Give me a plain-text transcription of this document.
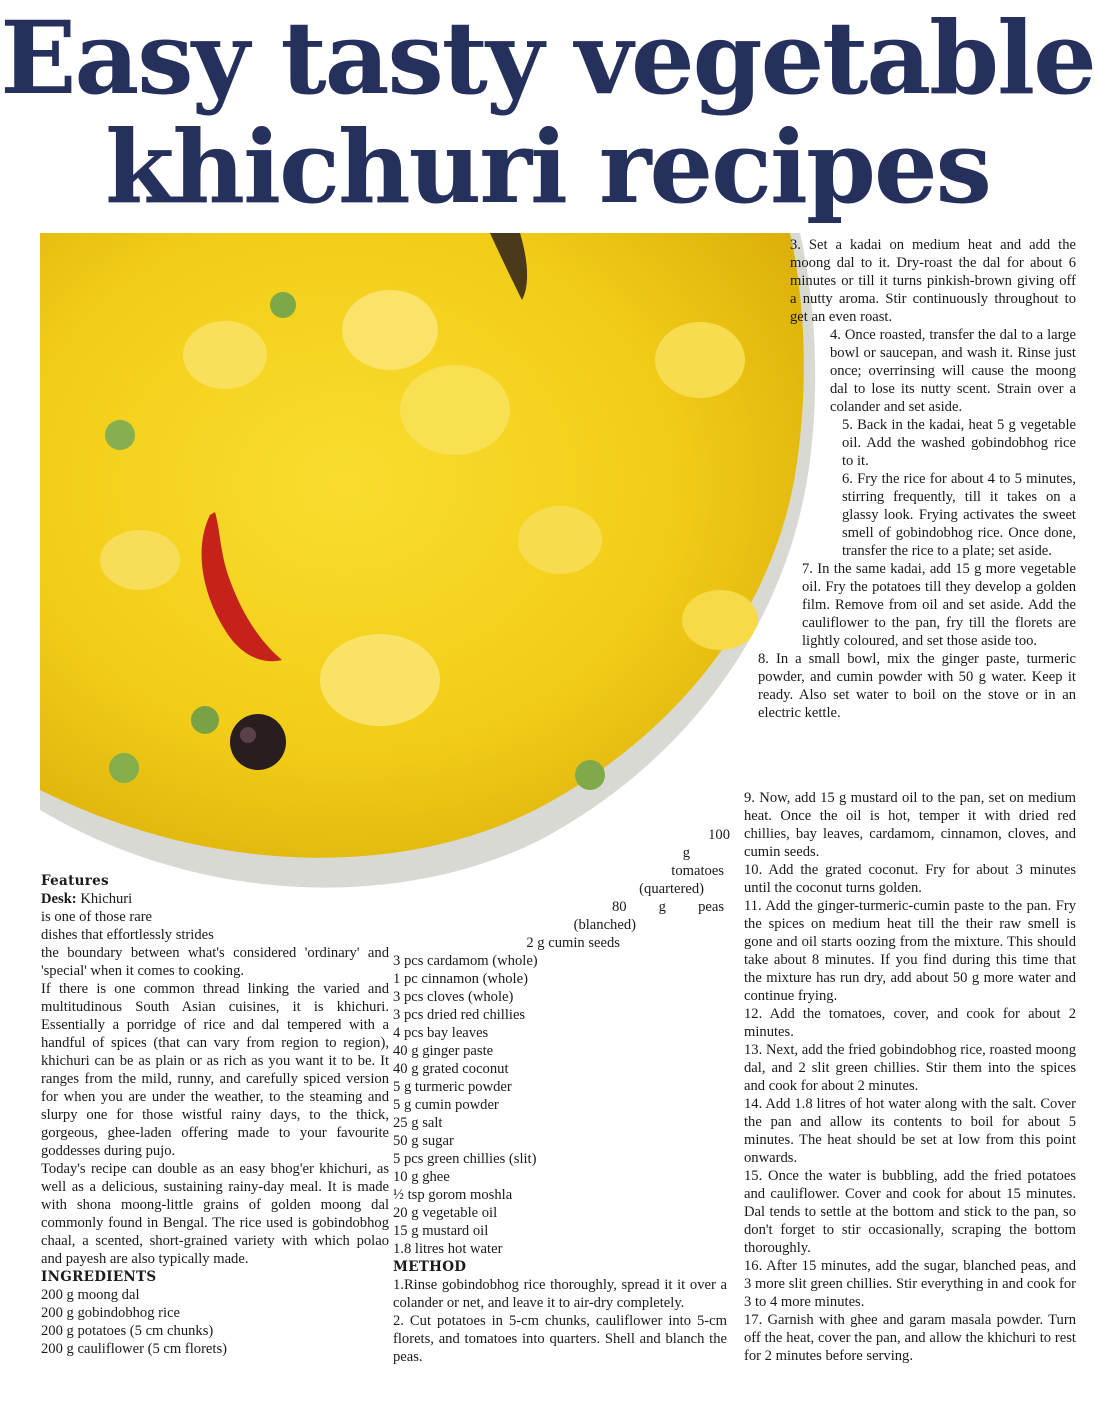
Easy tasty vegetable
khichuri recipes

3. Set a kadai on medium heat and add the moong dal to it. Dry-roast the dal for about 6 minutes or till it turns pinkish-brown giving off a nutty aroma. Stir continuously throughout to get an even roast.

4. Once roasted, transfer the dal to a large bowl or saucepan, and wash it. Rinse just once; overrinsing will cause the moong dal to lose its nutty scent. Strain over a colander and set aside.

5. Back in the kadai, heat 5 g vegetable oil. Add the washed gobindobhog rice to it.

6. Fry the rice for about 4 to 5 minutes, stirring frequently, till it takes on a glassy look. Frying activates the sweet smell of gobindobhog rice. Once done, transfer the rice to a plate; set aside.

7. In the same kadai, add 15 g more vegetable oil. Fry the potatoes till they develop a golden film. Remove from oil and set aside. Add the cauliflower to the pan, fry till the florets are lightly coloured, and set those aside too.

8. In a small bowl, mix the ginger paste, turmeric powder, and cumin powder with 50 g water. Keep it ready. Also set water to boil on the stove or in an electric kettle.

9. Now, add 15 g mustard oil to the pan, set on medium heat. Once the oil is hot, temper it with dried red chillies, bay leaves, cardamom, cinnamon, cloves, and cumin seeds.

10. Add the grated coconut. Fry for about 3 minutes until the coconut turns golden.

11. Add the ginger-turmeric-cumin paste to the pan. Fry the spices on medium heat till the their raw smell is gone and oil starts oozing from the mixture. This should take about 8 minutes. If you find during this time that the mixture has run dry, add about 50 g more water and continue frying.

12. Add the tomatoes, cover, and cook for about 2 minutes.

13. Next, add the fried gobindobhog rice, roasted moong dal, and 2 slit green chillies. Stir them into the spices and cook for about 2 minutes.

14. Add 1.8 litres of hot water along with the salt. Cover the pan and allow its contents to boil for about 5 minutes. The heat should be set at low from this point onwards.

15. Once the water is bubbling, add the fried potatoes and cauliflower. Cover and cook for about 15 minutes. Dal tends to settle at the bottom and stick to the pan, so don't forget to stir occasionally, scraping the bottom thoroughly.

16. After 15 minutes, add the sugar, blanched peas, and 3 more slit green chillies. Stir everything in and cook for 3 to 4 more minutes.

17. Garnish with ghee and garam masala powder. Turn off the heat, cover the pan, and allow the khichuri to rest for 2 minutes before serving.

100
g
tomatoes
(quartered)
80 g peas
(blanched)
2 g cumin seeds

Features

Desk: Khichuri

is one of those rare

dishes that effortlessly strides

the boundary between what's considered 'ordinary' and 'special' when it comes to cooking.

If there is one common thread linking the varied and multitudinous South Asian cuisines, it is khichuri. Essentially a porridge of rice and dal tempered with a handful of spices (that can vary from region to region), khichuri can be as plain or as rich as you want it to be. It ranges from the mild, runny, and carefully spiced version for when you are under the weather, to the steaming and slurpy one for those wistful rainy days, to the thick, gorgeous, ghee-laden offering made to your favourite goddesses during pujo.

Today's recipe can double as an easy bhog'er khichuri, as well as a delicious, sustaining rainy-day meal. It is made with shona moong-little grains of golden moong dal commonly found in Bengal. The rice used is gobindobhog chaal, a scented, short-grained variety with which polao and payesh are also typically made.

INGREDIENTS

200 g moong dal

200 g gobindobhog rice

200 g potatoes (5 cm chunks)

200 g cauliflower (5 cm florets)

3 pcs cardamom (whole)

1 pc cinnamon (whole)

3 pcs cloves (whole)

3 pcs dried red chillies

4 pcs bay leaves

40 g ginger paste

40 g grated coconut

5 g turmeric powder

5 g cumin powder

25 g salt

50 g sugar

5 pcs green chillies (slit)

10 g ghee

½ tsp gorom moshla

20 g vegetable oil

15 g mustard oil

1.8 litres hot water

METHOD

1.Rinse gobindobhog rice thoroughly, spread it it over a colander or net, and leave it to air-dry completely.

2. Cut potatoes in 5-cm chunks, cauliflower into 5-cm florets, and tomatoes into quarters. Shell and blanch the peas.
